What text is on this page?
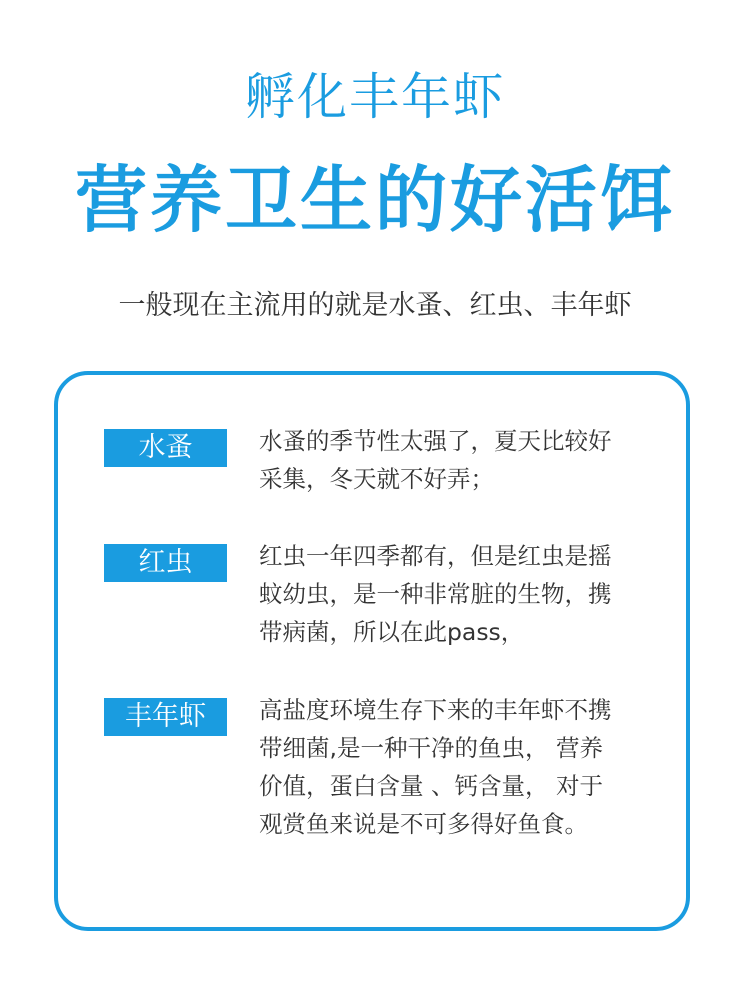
孵化丰年虾
营养卫生的好活饵
一般现在主流用的就是水蚤、红虫、丰年虾
水蚤	水蚤的季节性太强了，夏天比较好
采集，冬天就不好弄；
红虫	红虫一年四季都有，但是红虫是摇
蚊幼虫，是一种非常脏的生物，携
带病菌，所以在此pass，
丰年虾	高盐度环境生存下来的丰年虾不携
带细菌,是一种干净的鱼虫， 营养
价值，蛋白含量 、钙含量， 对于
观赏鱼来说是不可多得好鱼食。
